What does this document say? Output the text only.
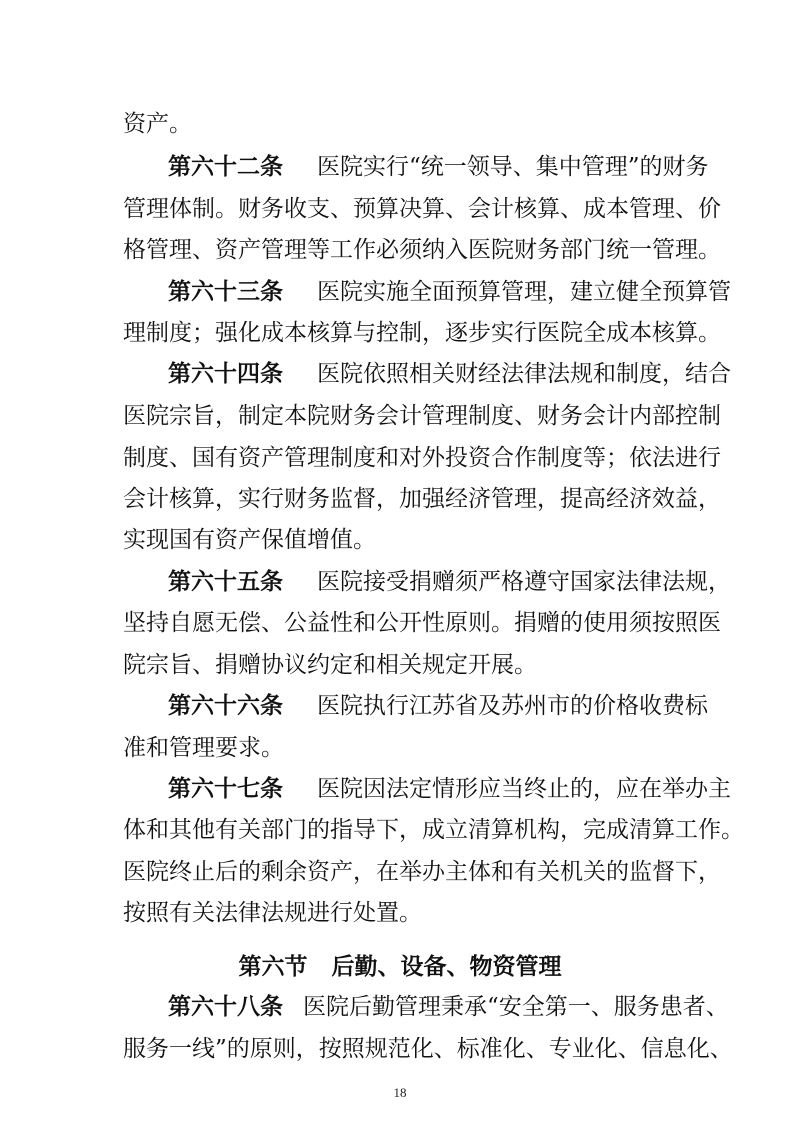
资产。
第六十二条 医院实行“统一领导、集中管理”的财务
管理体制。财务收支、预算决算、会计核算、成本管理、价
格管理、资产管理等工作必须纳入医院财务部门统一管理。
第六十三条 医院实施全面预算管理，建立健全预算管
理制度；强化成本核算与控制，逐步实行医院全成本核算。
第六十四条 医院依照相关财经法律法规和制度，结合
医院宗旨，制定本院财务会计管理制度、财务会计内部控制
制度、国有资产管理制度和对外投资合作制度等；依法进行
会计核算，实行财务监督，加强经济管理，提高经济效益，
实现国有资产保值增值。
第六十五条 医院接受捐赠须严格遵守国家法律法规，
坚持自愿无偿、公益性和公开性原则。捐赠的使用须按照医
院宗旨、捐赠协议约定和相关规定开展。
第六十六条 医院执行江苏省及苏州市的价格收费标
准和管理要求。
第六十七条 医院因法定情形应当终止的，应在举办主
体和其他有关部门的指导下，成立清算机构，完成清算工作。
医院终止后的剩余资产，在举办主体和有关机关的监督下，
按照有关法律法规进行处置。
第六节 后勤、设备、物资管理
第六十八条 医院后勤管理秉承“安全第一、服务患者、
服务一线”的原则，按照规范化、标准化、专业化、信息化、
18
